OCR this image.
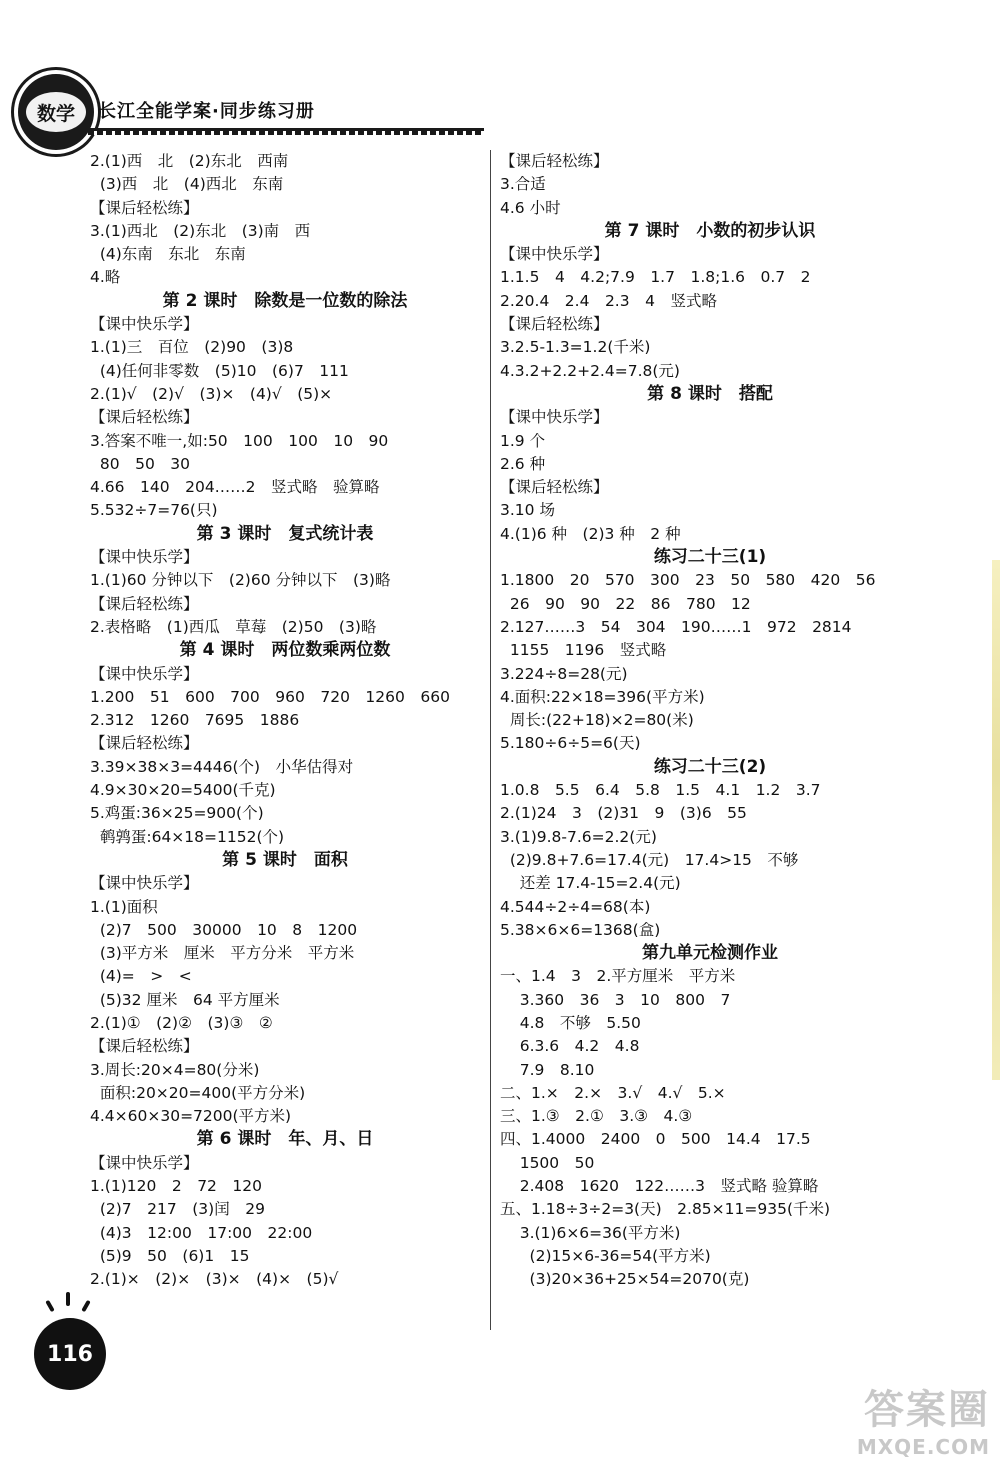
数学	长江全能学案·同步练习册
2.(1)西　北　(2)东北　西南
(3)西　北　(4)西北　东南
【课后轻松练】
3.(1)西北　(2)东北　(3)南　西
(4)东南　东北　东南
4.略
第 2 课时　除数是一位数的除法
【课中快乐学】
1.(1)三　百位　(2)90　(3)8
(4)任何非零数　(5)10　(6)7　111
2.(1)√　(2)√　(3)×　(4)√　(5)×
【课后轻松练】
3.答案不唯一,如:50　100　100　10　90
80　50　30
4.66　140　204……2　竖式略　验算略
5.532÷7=76(只)
第 3 课时　复式统计表
【课中快乐学】
1.(1)60 分钟以下　(2)60 分钟以下　(3)略
【课后轻松练】
2.表格略　(1)西瓜　草莓　(2)50　(3)略
第 4 课时　两位数乘两位数
【课中快乐学】
1.200　51　600　700　960　720　1260　660
2.312　1260　7695　1886
【课后轻松练】
3.39×38×3=4446(个)　小华估得对
4.9×30×20=5400(千克)
5.鸡蛋:36×25=900(个)
鹌鹑蛋:64×18=1152(个)
第 5 课时　面积
【课中快乐学】
1.(1)面积
(2)7　500　30000　10　8　1200
(3)平方米　厘米　平方分米　平方米
(4)=　>　<
(5)32 厘米　64 平方厘米
2.(1)①　(2)②　(3)③　②
【课后轻松练】
3.周长:20×4=80(分米)
面积:20×20=400(平方分米)
4.4×60×30=7200(平方米)
第 6 课时　年、月、日
【课中快乐学】
1.(1)120　2　72　120
(2)7　217　(3)闰　29
(4)3　12:00　17:00　22:00
(5)9　50　(6)1　15
2.(1)×　(2)×　(3)×　(4)×　(5)√
【课后轻松练】
3.合适
4.6 小时
第 7 课时　小数的初步认识
【课中快乐学】
1.1.5　4　4.2;7.9　1.7　1.8;1.6　0.7　2
2.20.4　2.4　2.3　4　竖式略
【课后轻松练】
3.2.5-1.3=1.2(千米)
4.3.2+2.2+2.4=7.8(元)
第 8 课时　搭配
【课中快乐学】
1.9 个
2.6 种
【课后轻松练】
3.10 场
4.(1)6 种　(2)3 种　2 种
练习二十三(1)
1.1800　20　570　300　23　50　580　420　56
26　90　90　22　86　780　12
2.127……3　54　304　190……1　972　2814
1155　1196　竖式略
3.224÷8=28(元)
4.面积:22×18=396(平方米)
周长:(22+18)×2=80(米)
5.180÷6÷5=6(天)
练习二十三(2)
1.0.8　5.5　6.4　5.8　1.5　4.1　1.2　3.7
2.(1)24　3　(2)31　9　(3)6　55
3.(1)9.8-7.6=2.2(元)
(2)9.8+7.6=17.4(元)　17.4>15　不够
还差 17.4-15=2.4(元)
4.544÷2÷4=68(本)
5.38×6×6=1368(盒)
第九单元检测作业
一、1.4　3　2.平方厘米　平方米
3.360　36　3　10　800　7
4.8　不够　5.50
6.3.6　4.2　4.8
7.9　8.10
二、1.×　2.×　3.√　4.√　5.×
三、1.③　2.①　3.③　4.③
四、1.4000　2400　0　500　14.4　17.5
1500　50
2.408　1620　122……3　竖式略 验算略
五、1.18÷3÷2=3(天)　2.85×11=935(千米)
3.(1)6×6=36(平方米)
(2)15×6-36=54(平方米)
(3)20×36+25×54=2070(克)
116
答案圈
MXQE.COM
